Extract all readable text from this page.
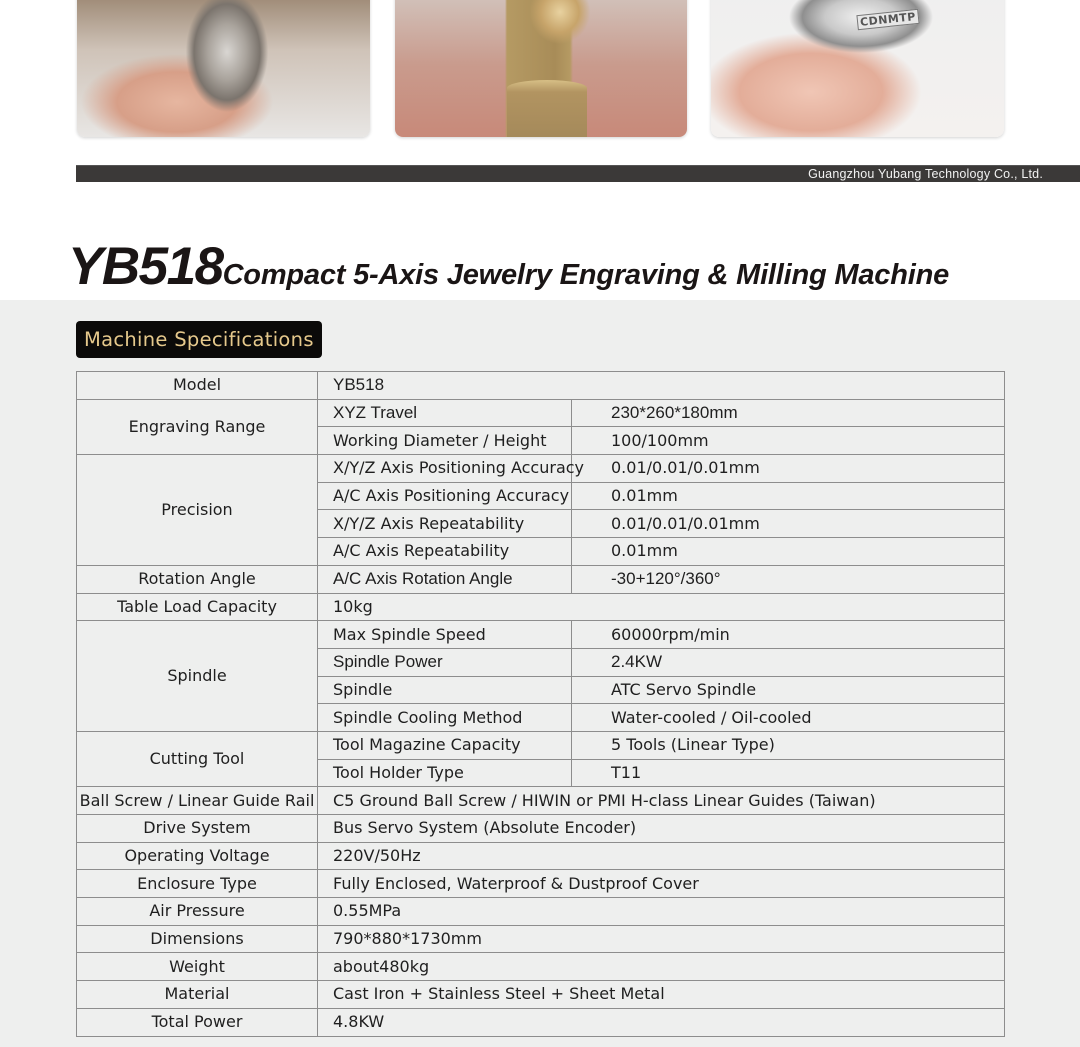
CDNMTP
Guangzhou Yubang Technology Co., Ltd.
YB518Compact 5-Axis Jewelry Engraving & Milling Machine
Machine Specifications
Model	YB518	
Engraving Range	XYZ Travel	230*260*180mm
	Working Diameter / Height	100/100mm
Precision	X/Y/Z Axis Positioning Accuracy	0.01/0.01/0.01mm
	A/C Axis Positioning Accuracy	0.01mm
	X/Y/Z Axis Repeatability	0.01/0.01/0.01mm
	A/C Axis Repeatability	0.01mm
Rotation Angle	A/C Axis Rotation Angle	-30+120°/360°
Table Load Capacity	10kg	
Spindle	Max Spindle Speed	60000rpm/min
	Spindle Power	2.4KW
	Spindle	ATC Servo Spindle
	Spindle Cooling Method	Water-cooled / Oil-cooled
Cutting Tool	Tool Magazine Capacity	5 Tools (Linear Type)
	Tool Holder Type	T11
Ball Screw / Linear Guide Rail	C5 Ground Ball Screw / HIWIN or PMI H-class Linear Guides (Taiwan)	
Drive System	Bus Servo System (Absolute Encoder)	
Operating Voltage	220V/50Hz	
Enclosure Type	Fully Enclosed, Waterproof & Dustproof Cover	
Air Pressure	0.55MPa	
Dimensions	790*880*1730mm	
Weight	about480kg	
Material	Cast Iron + Stainless Steel + Sheet Metal	
Total Power	4.8KW	
